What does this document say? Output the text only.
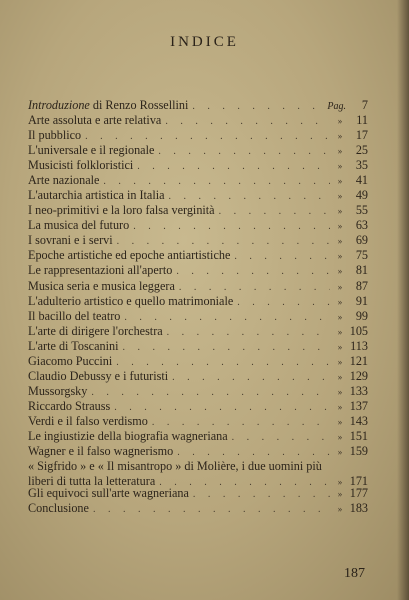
INDICE
Introduzione di Renzo Rossellini . . .	Pag.	7
Arte assoluta e arte relativa . . .	»	11
Il pubblico . . .	»	17
L'universale e il regionale . . .	»	25
Musicisti folkloristici . . .	»	35
Arte nazionale . . .	»	41
L'autarchia artistica in Italia . . .	»	49
I neo-primitivi e la loro falsa verginità . . .	»	55
La musica del futuro . . .	»	63
I sovrani e i servi . . .	»	69
Epoche artistiche ed epoche antiartistiche . . .	»	75
Le rappresentazioni all'aperto . . .	»	81
Musica seria e musica leggera . . .	»	87
L'adulterio artistico e quello matrimoniale . . .	»	91
Il bacillo del teatro . . .	»	99
L'arte di dirigere l'orchestra . . .	» 105
L'arte di Toscanini . . .	» 113
Giacomo Puccini . . .	» 121
Claudio Debussy e i futuristi . . .	» 129
Mussorgsky . . .	» 133
Riccardo Strauss . . .	» 137
Verdi e il falso verdismo . . .	» 143
Le ingiustizie della biografia wagneriana . . .	» 151
Wagner e il falso wagnerismo . . .	» 159
« Sigfrido » e « Il misantropo » di Molière, i due uomini più
liberi di tutta la letteratura . . .	» 171
Gli equivoci sull'arte wagneriana . . .	» 177
Conclusione . . .	» 183
187
